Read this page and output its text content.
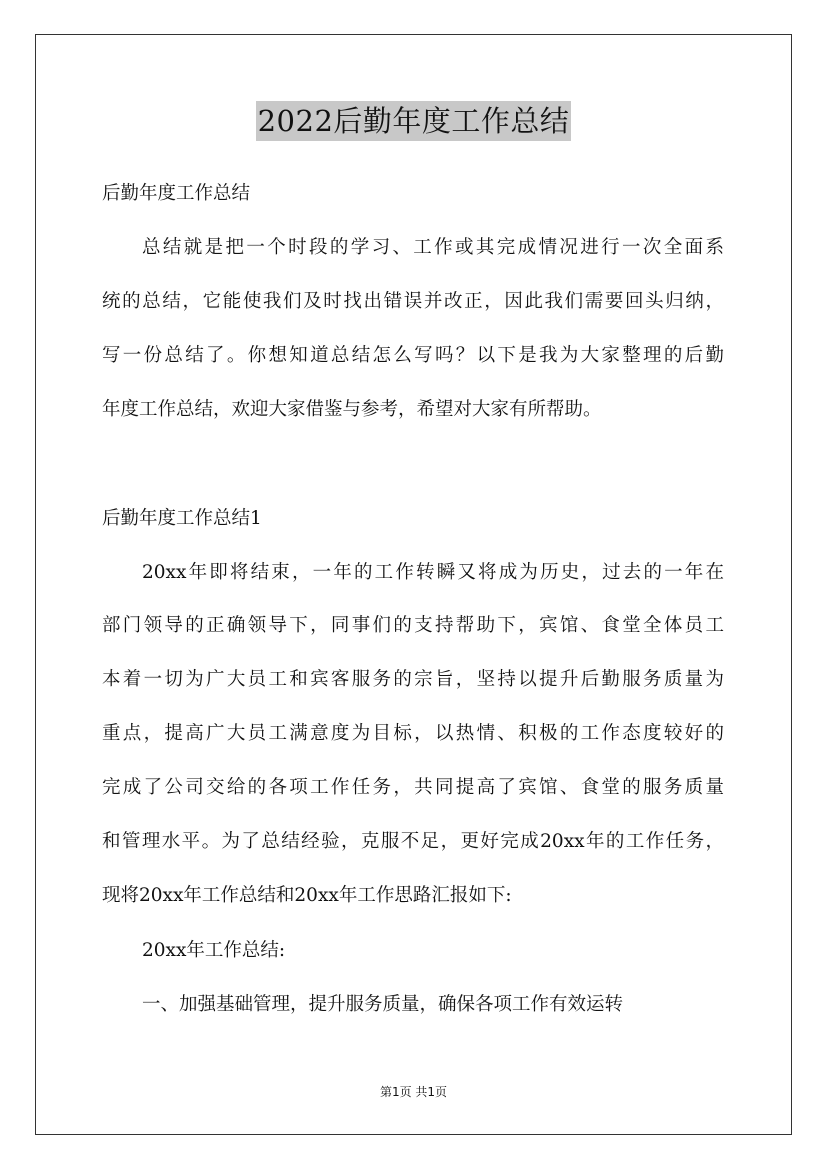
2022后勤年度工作总结
后勤年度工作总结
总结就是把一个时段的学习、工作或其完成情况进行一次全面系
统的总结，它能使我们及时找出错误并改正，因此我们需要回头归纳，
写一份总结了。你想知道总结怎么写吗？以下是我为大家整理的后勤
年度工作总结，欢迎大家借鉴与参考，希望对大家有所帮助。
后勤年度工作总结1
20xx年即将结束，一年的工作转瞬又将成为历史，过去的一年在
部门领导的正确领导下，同事们的支持帮助下，宾馆、食堂全体员工
本着一切为广大员工和宾客服务的宗旨，坚持以提升后勤服务质量为
重点，提高广大员工满意度为目标，以热情、积极的工作态度较好的
完成了公司交给的各项工作任务，共同提高了宾馆、食堂的服务质量
和管理水平。为了总结经验，克服不足，更好完成20xx年的工作任务，
现将20xx年工作总结和20xx年工作思路汇报如下:
20xx年工作总结:
一、加强基础管理，提升服务质量，确保各项工作有效运转
第1页 共1页
